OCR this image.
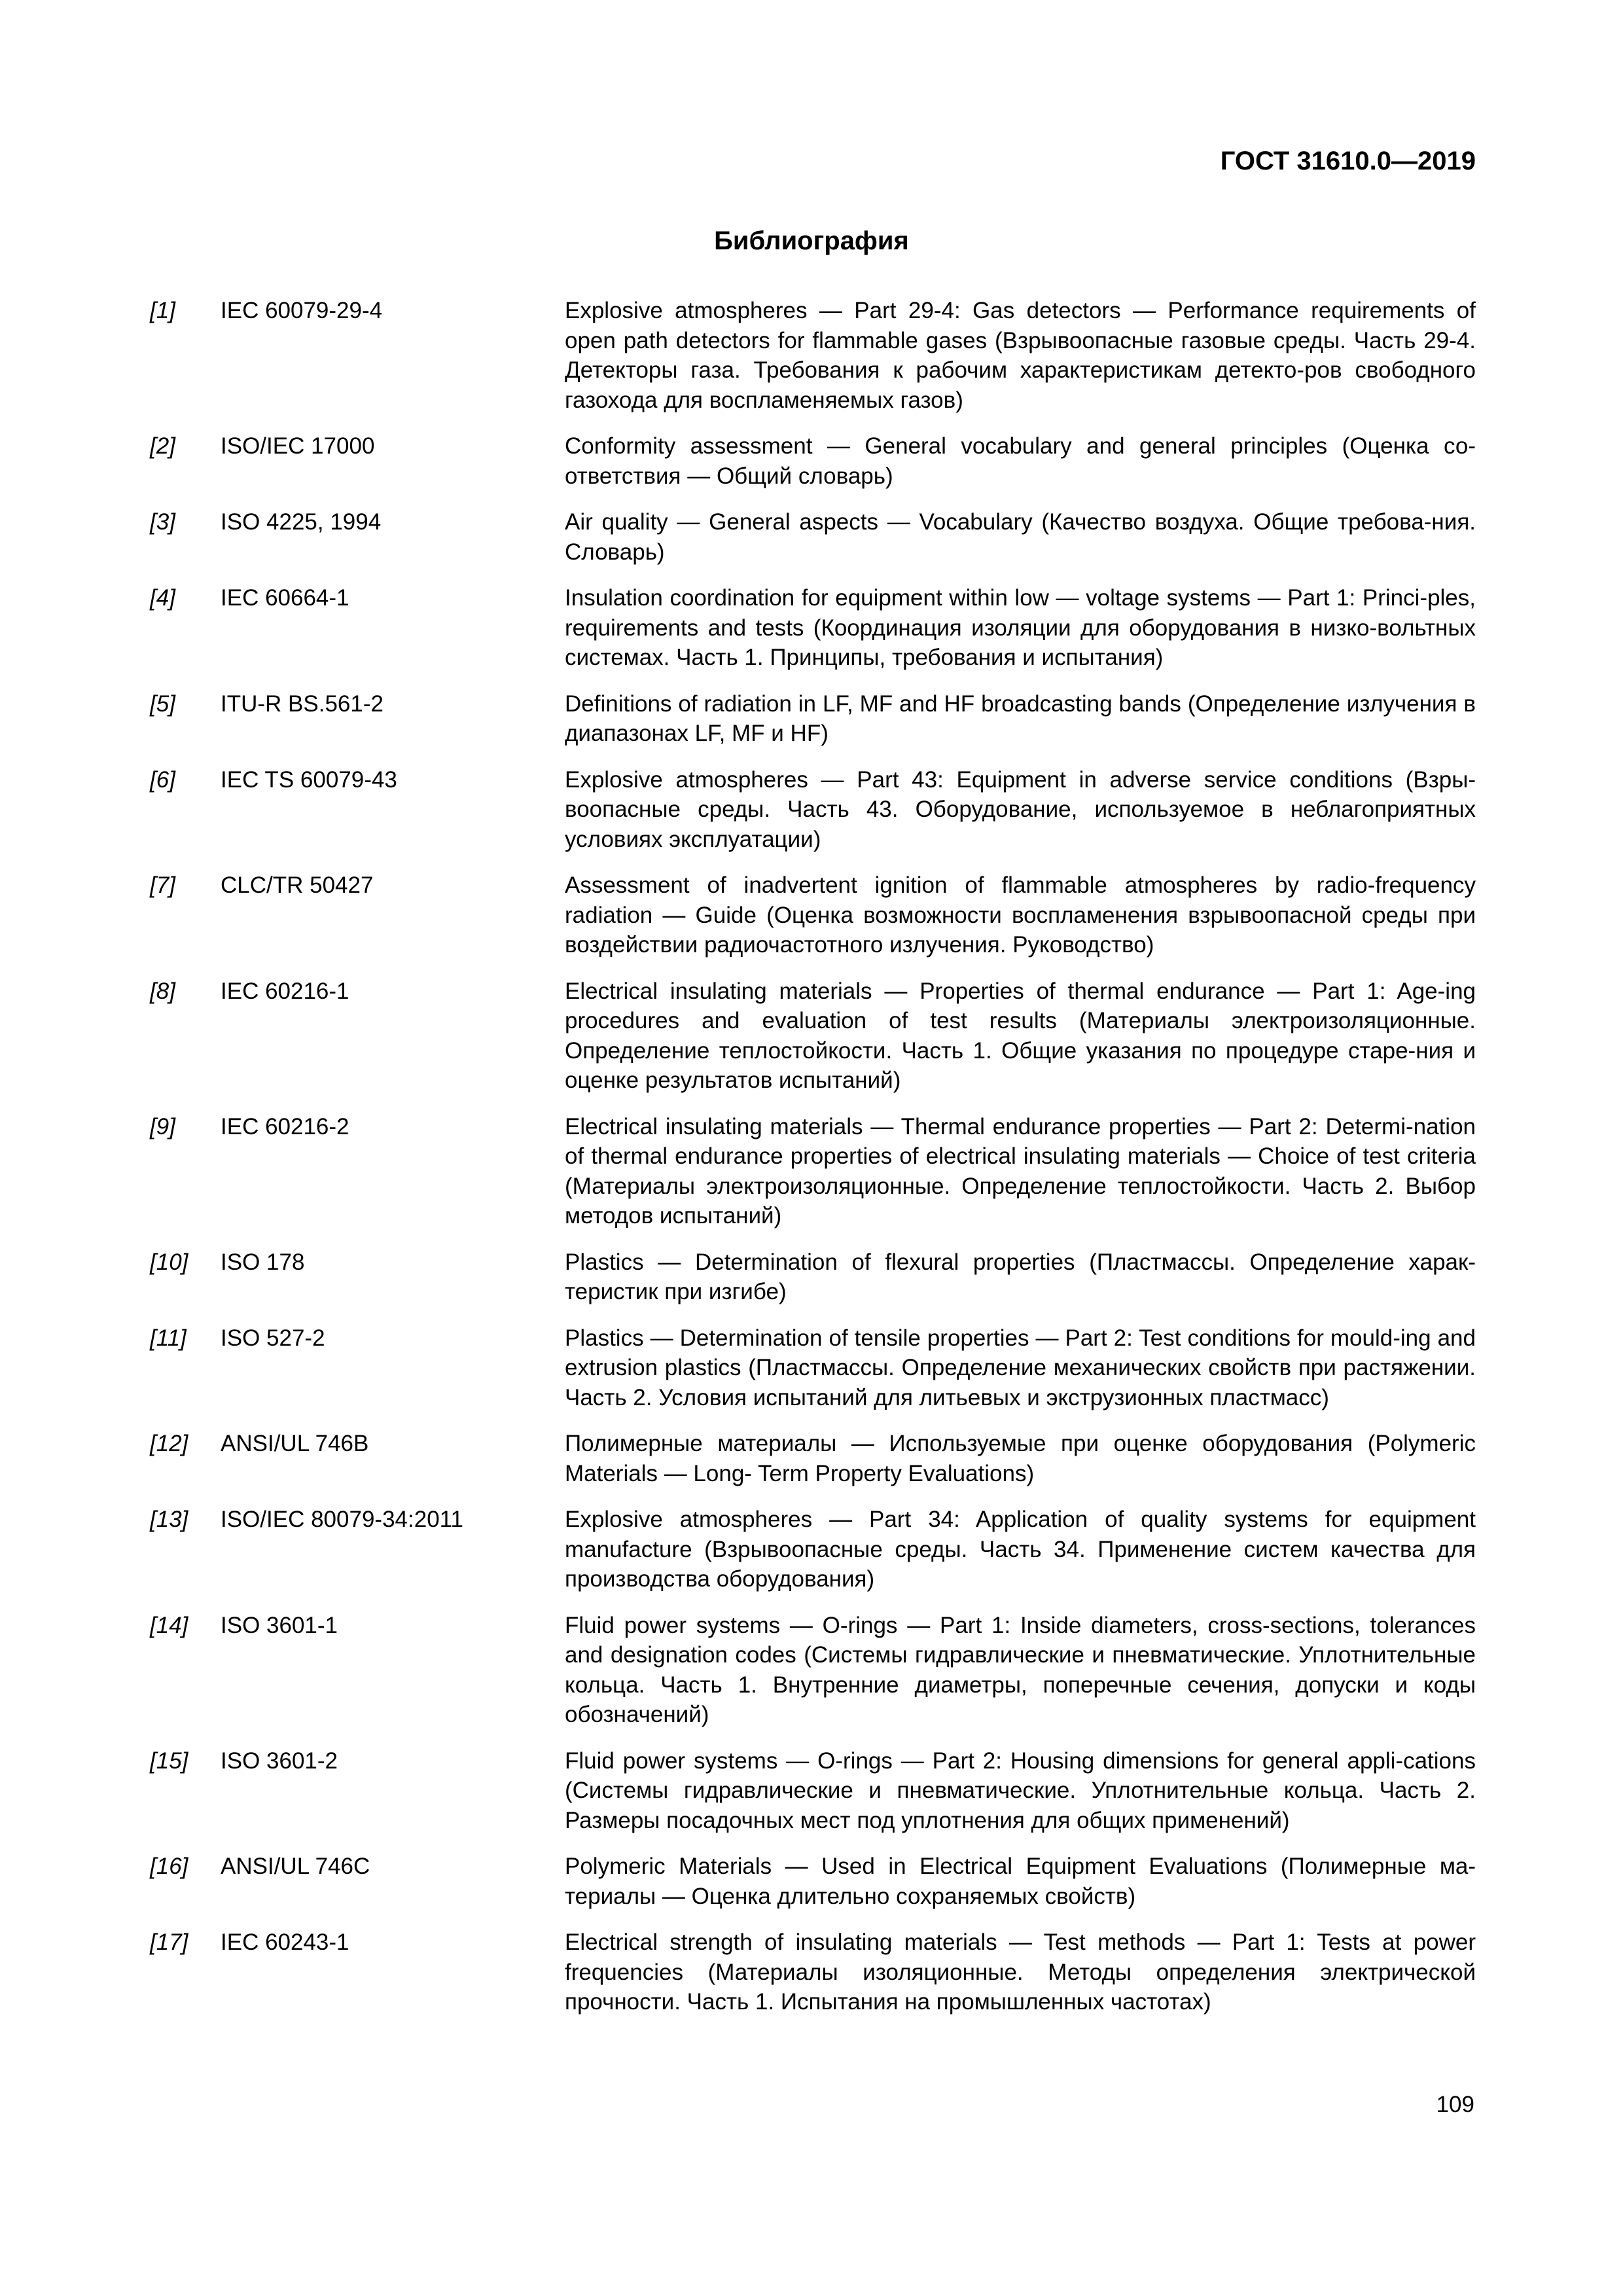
ГОСТ 31610.0—2019
Библиография
[1]	IEC 60079-29-4	Explosive atmospheres — Part 29-4: Gas detectors — Performance requirements of open path detectors for flammable gases (Взрывоопасные газовые среды. Часть 29-4. Детекторы газа. Требования к рабочим характеристикам детекто-ров свободного газохода для воспламеняемых газов)
[2]	ISO/IEC 17000	Conformity assessment — General vocabulary and general principles (Оценка со-ответствия — Общий словарь)
[3]	ISO 4225, 1994	Air quality — General aspects — Vocabulary (Качество воздуха. Общие требова-ния. Словарь)
[4]	IEC 60664-1	Insulation coordination for equipment within low — voltage systems — Part 1: Princi-ples, requirements and tests (Координация изоляции для оборудования в низко-вольтных системах. Часть 1. Принципы, требования и испытания)
[5]	ITU-R BS.561-2	Definitions of radiation in LF, MF and HF broadcasting bands (Определение излучения в диапазонах LF, MF и HF)
[6]	IEC TS 60079-43	Explosive atmospheres — Part 43: Equipment in adverse service conditions (Взры-воопасные среды. Часть 43. Оборудование, используемое в неблагоприятных условиях эксплуатации)
[7]	CLC/TR 50427	Assessment of inadvertent ignition of flammable atmospheres by radio-frequency radiation — Guide (Оценка возможности воспламенения взрывоопасной среды при воздействии радиочастотного излучения. Руководство)
[8]	IEC 60216-1	Electrical insulating materials — Properties of thermal endurance — Part 1: Age-ing procedures and evaluation of test results (Материалы электроизоляционные. Определение теплостойкости. Часть 1. Общие указания по процедуре старе-ния и оценке результатов испытаний)
[9]	IEC 60216-2	Electrical insulating materials — Thermal endurance properties — Part 2: Determi-nation of thermal endurance properties of electrical insulating materials — Choice of test criteria (Материалы электроизоляционные. Определение теплостойкости. Часть 2. Выбор методов испытаний)
[10]	ISO 178	Plastics — Determination of flexural properties (Пластмассы. Определение харак-теристик при изгибе)
[11]	ISO 527-2	Plastics — Determination of tensile properties — Part 2: Test conditions for mould-ing and extrusion plastics (Пластмассы. Определение механических свойств при растяжении. Часть 2. Условия испытаний для литьевых и экструзионных пластмасс)
[12]	ANSI/UL 746B	Полимерные материалы — Используемые при оценке оборудования (Polymeric Materials — Long- Term Property Evaluations)
[13]	ISO/IEC 80079-34:2011	Explosive atmospheres — Part 34: Application of quality systems for equipment manufacture (Взрывоопасные среды. Часть 34. Применение систем качества для производства оборудования)
[14]	ISO 3601-1	Fluid power systems — O-rings — Part 1: Inside diameters, cross-sections, tolerances and designation codes (Системы гидравлические и пневматические. Уплотнительные кольца. Часть 1. Внутренние диаметры, поперечные сечения, допуски и коды обозначений)
[15]	ISO 3601-2	Fluid power systems — O-rings — Part 2: Housing dimensions for general appli-cations (Системы гидравлические и пневматические. Уплотнительные кольца. Часть 2. Размеры посадочных мест под уплотнения для общих применений)
[16]	ANSI/UL 746C	Polymeric Materials — Used in Electrical Equipment Evaluations (Полимерные ма-териалы — Оценка длительно сохраняемых свойств)
[17]	IEC 60243-1	Electrical strength of insulating materials — Test methods — Part 1: Tests at power frequencies (Материалы изоляционные. Методы определения электрической прочности. Часть 1. Испытания на промышленных частотах)
109
